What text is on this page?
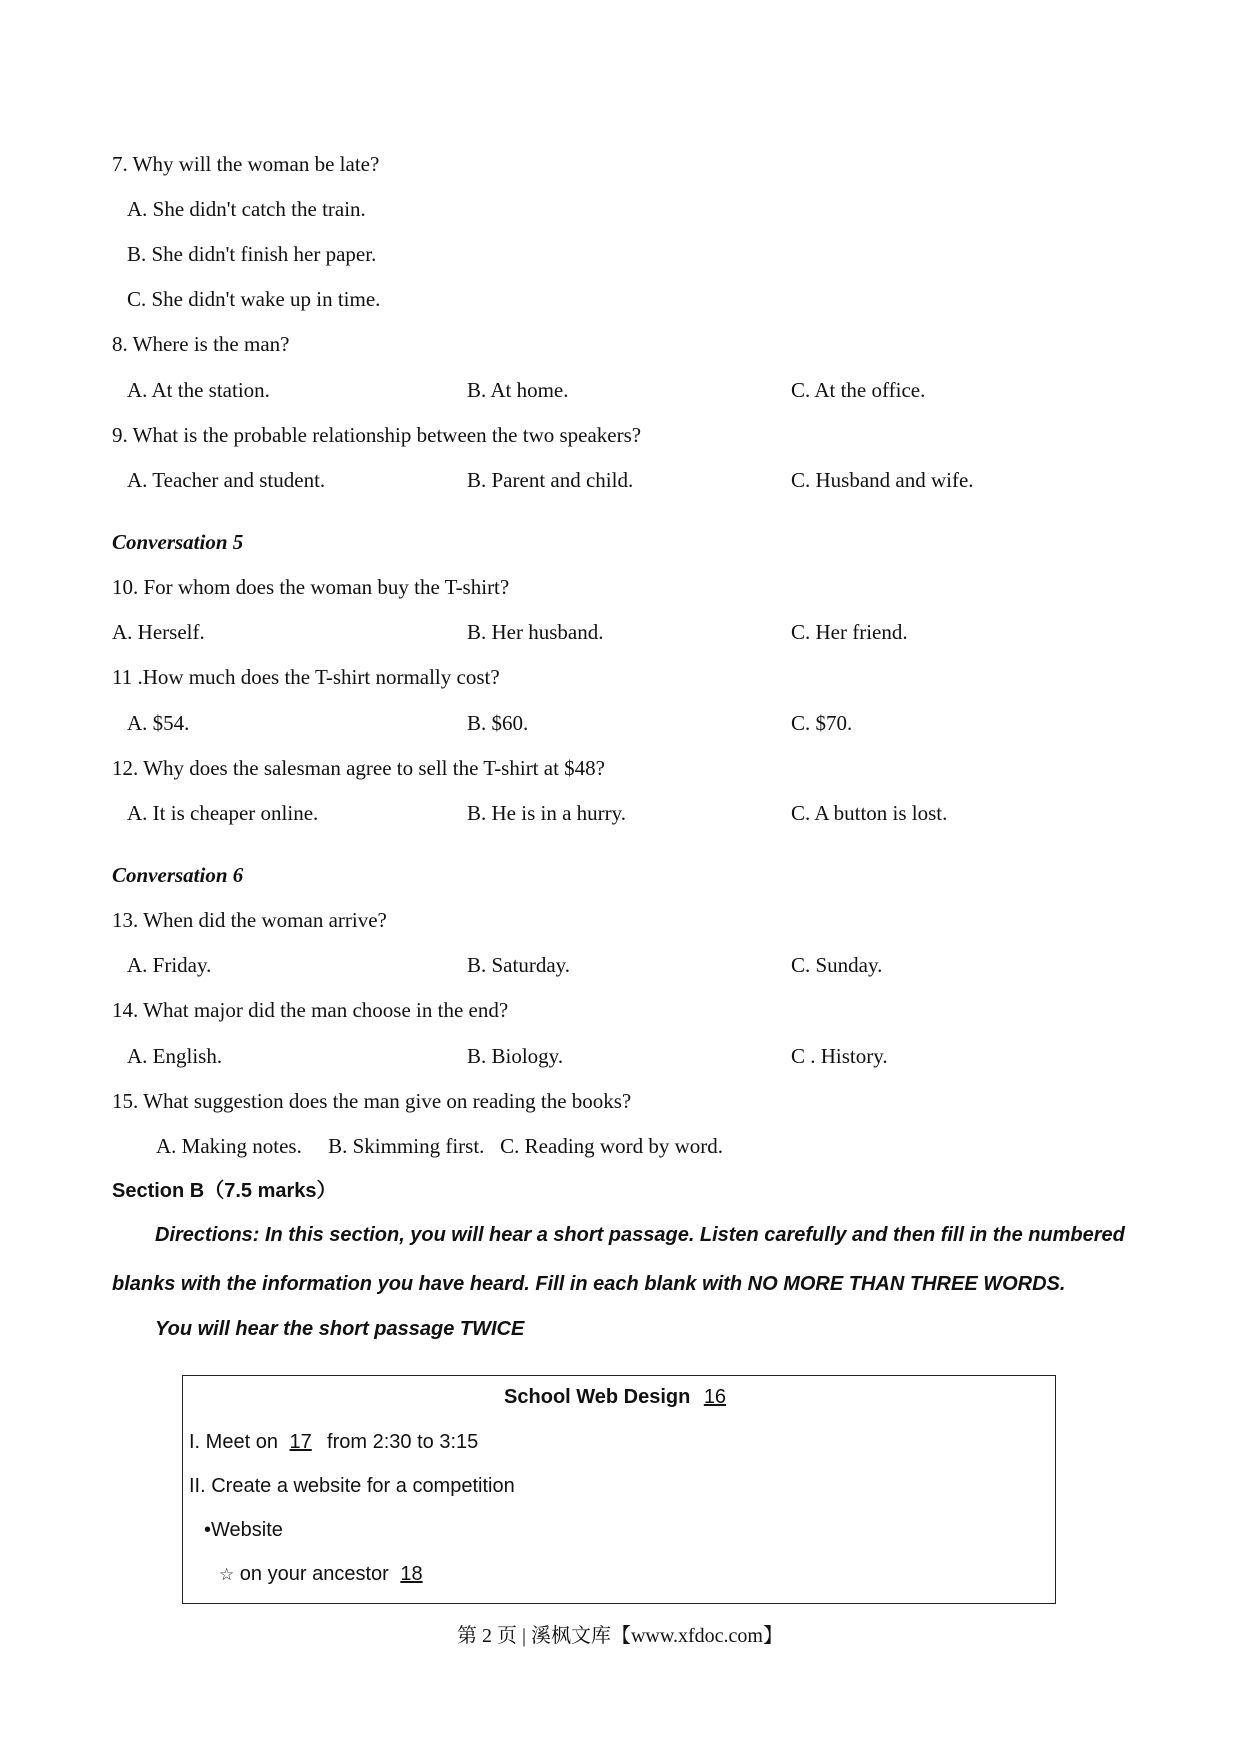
7. Why will the woman be late?
A. She didn't catch the train.
B. She didn't finish her paper.
C. She didn't wake up in time.
8. Where is the man?
A. At the station.	B. At home.	C. At the office.
9. What is the probable relationship between the two speakers?
A. Teacher and student.	B. Parent and child.	C. Husband and wife.
Conversation 5
10. For whom does the woman buy the T-shirt?
A. Herself.	B. Her husband.	C. Her friend.
11 .How much does the T-shirt normally cost?
A. $54.	B. $60.	C. $70.
12. Why does the salesman agree to sell the T-shirt at $48?
A. It is cheaper online.	B. He is in a hurry.	C. A button is lost.
Conversation 6
13. When did the woman arrive?
A. Friday.	B. Saturday.	C. Sunday.
14. What major did the man choose in the end?
A. English.	B. Biology.	C . History.
15. What suggestion does the man give on reading the books?
A. Making notes.     B. Skimming first.   C. Reading word by word.
Section B（7.5 marks）
Directions: In this section, you will hear a short passage. Listen carefully and then fill in the numbered
blanks with the information you have heard. Fill in each blank with NO MORE THAN THREE WORDS.
You will hear the short passage TWICE
School Web Design 16
I. Meet on 17 from 2:30 to 3:15
II. Create a website for a competition
•Website
☆ on your ancestor 18
第 2 页 | 溪枫文库【www.xfdoc.com】
